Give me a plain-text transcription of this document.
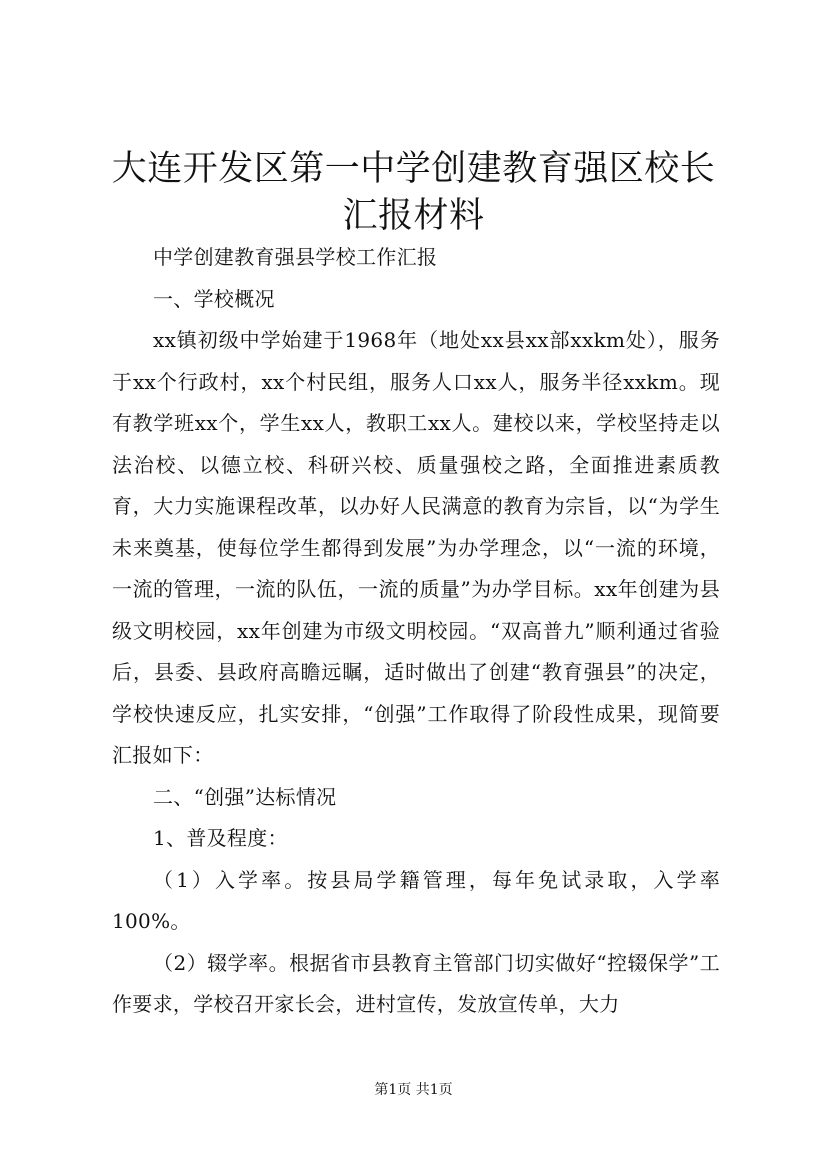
大连开发区第一中学创建教育强区校长汇报材料

中学创建教育强县学校工作汇报

一、学校概况

xx镇初级中学始建于1968年（地处xx县xx部xxkm处），服务于xx个行政村，xx个村民组，服务人口xx人，服务半径xxkm。现有教学班xx个，学生xx人，教职工xx人。建校以来，学校坚持走以法治校、以德立校、科研兴校、质量强校之路，全面推进素质教育，大力实施课程改革，以办好人民满意的教育为宗旨，以“为学生未来奠基，使每位学生都得到发展”为办学理念，以“一流的环境，一流的管理，一流的队伍，一流的质量”为办学目标。xx年创建为县级文明校园，xx年创建为市级文明校园。“双高普九”顺利通过省验后，县委、县政府高瞻远瞩，适时做出了创建“教育强县”的决定，学校快速反应，扎实安排，“创强”工作取得了阶段性成果，现简要汇报如下：

二、“创强”达标情况

1、普及程度：

（1）入学率。按县局学籍管理，每年免试录取，入学率100%。

（2）辍学率。根据省市县教育主管部门切实做好“控辍保学”工作要求，学校召开家长会，进村宣传，发放宣传单，大力

第1页 共1页
